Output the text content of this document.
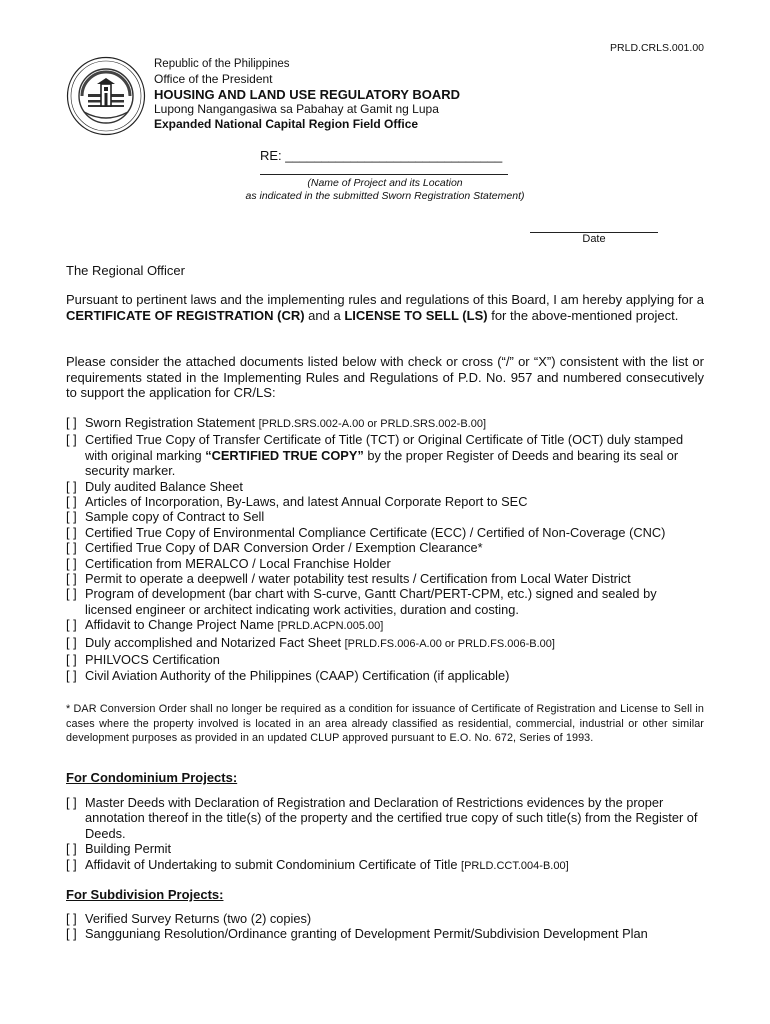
PRLD.CRLS.001.00
Republic of the Philippines
Office of the President
HOUSING AND LAND USE REGULATORY BOARD
Lupong Nangangasiwa sa Pabahay at Gamit ng Lupa
Expanded National Capital Region Field Office
RE: ______________________________
(Name of Project and its Location
as indicated in the submitted Sworn Registration Statement)
Date
The Regional Officer
Pursuant to pertinent laws and the implementing rules and regulations of this Board, I am hereby applying for a CERTIFICATE OF REGISTRATION (CR) and a LICENSE TO SELL (LS) for the above-mentioned project.
Please consider the attached documents listed below with check or cross (“/” or “X”) consistent with the list or requirements stated in the Implementing Rules and Regulations of P.D. No. 957 and numbered consecutively to support the application for CR/LS:
[ ] Sworn Registration Statement [PRLD.SRS.002-A.00 or PRLD.SRS.002-B.00]
[ ] Certified True Copy of Transfer Certificate of Title (TCT) or Original Certificate of Title (OCT) duly stamped with original marking “CERTIFIED TRUE COPY” by the proper Register of Deeds and bearing its seal or security marker.
[ ] Duly audited Balance Sheet
[ ] Articles of Incorporation, By-Laws, and latest Annual Corporate Report to SEC
[ ] Sample copy of Contract to Sell
[ ] Certified True Copy of Environmental Compliance Certificate (ECC) / Certified of Non-Coverage (CNC)
[ ] Certified True Copy of DAR Conversion Order / Exemption Clearance*
[ ] Certification from MERALCO / Local Franchise Holder
[ ] Permit to operate a deepwell / water potability test results / Certification from Local Water District
[ ] Program of development (bar chart with S-curve, Gantt Chart/PERT-CPM, etc.) signed and sealed by licensed engineer or architect indicating work activities, duration and costing.
[ ] Affidavit to Change Project Name [PRLD.ACPN.005.00]
[ ] Duly accomplished and Notarized Fact Sheet [PRLD.FS.006-A.00 or PRLD.FS.006-B.00]
[ ] PHILVOCS Certification
[ ] Civil Aviation Authority of the Philippines (CAAP) Certification (if applicable)
* DAR Conversion Order shall no longer be required as a condition for issuance of Certificate of Registration and License to Sell in cases where the property involved is located in an area already classified as residential, commercial, industrial or other similar development purposes as provided in an updated CLUP approved pursuant to E.O. No. 672, Series of 1993.
For Condominium Projects:
[ ] Master Deeds with Declaration of Registration and Declaration of Restrictions evidences by the proper annotation thereof in the title(s) of the property and the certified true copy of such title(s) from the Register of Deeds.
[ ] Building Permit
[ ] Affidavit of Undertaking to submit Condominium Certificate of Title [PRLD.CCT.004-B.00]
For Subdivision Projects:
[ ] Verified Survey Returns (two (2) copies)
[ ] Sangguniang Resolution/Ordinance granting of Development Permit/Subdivision Development Plan
